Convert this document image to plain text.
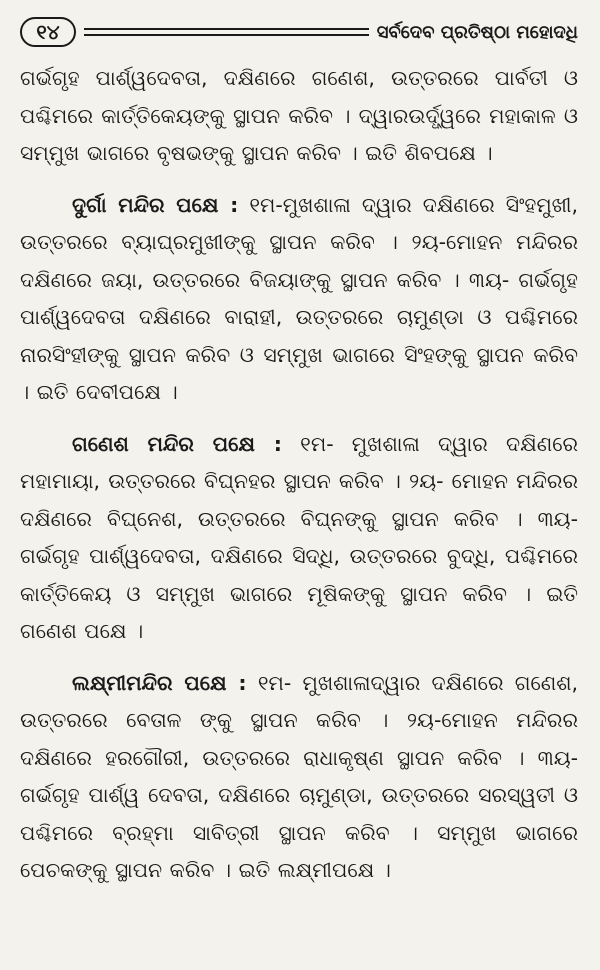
୧୪	ସର୍ବଦେବ ପ୍ରତିଷ୍ଠା ମହୋଦଧି

ଗର୍ଭଗୃହ ପାର୍ଶ୍ୱଦେବତା, ଦକ୍ଷିଣରେ ଗଣେଶ, ଉତ୍ତରରେ ପାର୍ବତୀ ଓ ପଶ୍ଚିମରେ କାର୍ତ୍ତିକେୟଙ୍କୁ ସ୍ଥାପନ କରିବ । ଦ୍ୱାରଉର୍ଦ୍ଧ୍ୱରେ ମହାକାଳ ଓ ସମ୍ମୁଖ ଭାଗରେ ବୃଷଭଙ୍କୁ ସ୍ଥାପନ କରିବ । ଇତି ଶିବପକ୍ଷେ ।

ଦୁର୍ଗା ମନ୍ଦିର ପକ୍ଷେ : ୧ମ-ମୁଖଶାଳା ଦ୍ୱାର ଦକ୍ଷିଣରେ ସିଂହମୁଖୀ, ଉତ୍ତରରେ ବ୍ୟାଘ୍ରମୁଖୀଙ୍କୁ ସ୍ଥାପନ କରିବ । ୨ୟ-ମୋହନ ମନ୍ଦିରର ଦକ୍ଷିଣରେ ଜୟା, ଉତ୍ତରରେ ବିଜୟାଙ୍କୁ ସ୍ଥାପନ କରିବ । ୩ୟ- ଗର୍ଭଗୃହ ପାର୍ଶ୍ୱଦେବତା ଦକ୍ଷିଣରେ ବାରାହୀ, ଉତ୍ତରରେ ଚାମୁଣ୍ଡା ଓ ପଶ୍ଚିମରେ ନାରସିଂହୀଙ୍କୁ ସ୍ଥାପନ କରିବ ଓ ସମ୍ମୁଖ ଭାଗରେ ସିଂହଙ୍କୁ ସ୍ଥାପନ କରିବ । ଇତି ଦେବୀପକ୍ଷେ ।

ଗଣେଶ ମନ୍ଦିର ପକ୍ଷେ : ୧ମ- ମୁଖଶାଳା ଦ୍ୱାର ଦକ୍ଷିଣରେ ମହାମାୟା, ଉତ୍ତରରେ ବିଘ୍ନହର ସ୍ଥାପନ କରିବ । ୨ୟ- ମୋହନ ମନ୍ଦିରର ଦକ୍ଷିଣରେ ବିଘ୍ନେଶ, ଉତ୍ତରରେ ବିଘ୍ନଙ୍କୁ ସ୍ଥାପନ କରିବ । ୩ୟ- ଗର୍ଭଗୃହ ପାର୍ଶ୍ୱଦେବତା, ଦକ୍ଷିଣରେ ସିଦ୍ଧି, ଉତ୍ତରରେ ବୁଦ୍ଧି, ପଶ୍ଚିମରେ କାର୍ତ୍ତିକେୟ ଓ ସମ୍ମୁଖ ଭାଗରେ ମୂଷିକଙ୍କୁ ସ୍ଥାପନ କରିବ । ଇତି ଗଣେଶ ପକ୍ଷେ ।

ଲକ୍ଷ୍ମୀମନ୍ଦିର ପକ୍ଷେ : ୧ମ- ମୁଖଶାଳାଦ୍ୱାର ଦକ୍ଷିଣରେ ଗଣେଶ, ଉତ୍ତରରେ ବେତାଳ ଙ୍କୁ ସ୍ଥାପନ କରିବ । ୨ୟ-ମୋହନ ମନ୍ଦିରର ଦକ୍ଷିଣରେ ହରଗୌରୀ, ଉତ୍ତରରେ ରାଧାକୃଷ୍ଣ ସ୍ଥାପନ କରିବ । ୩ୟ- ଗର୍ଭଗୃହ ପାର୍ଶ୍ୱ ଦେବତା, ଦକ୍ଷିଣରେ ଚାମୁଣ୍ଡା, ଉତ୍ତରରେ ସରସ୍ୱତୀ ଓ ପଶ୍ଚିମରେ ବ୍ରହ୍ମା ସାବିତ୍ରୀ ସ୍ଥାପନ କରିବ । ସମ୍ମୁଖ ଭାଗରେ ପେଚକଙ୍କୁ ସ୍ଥାପନ କରିବ । ଇତି ଲକ୍ଷ୍ମୀପକ୍ଷେ ।
